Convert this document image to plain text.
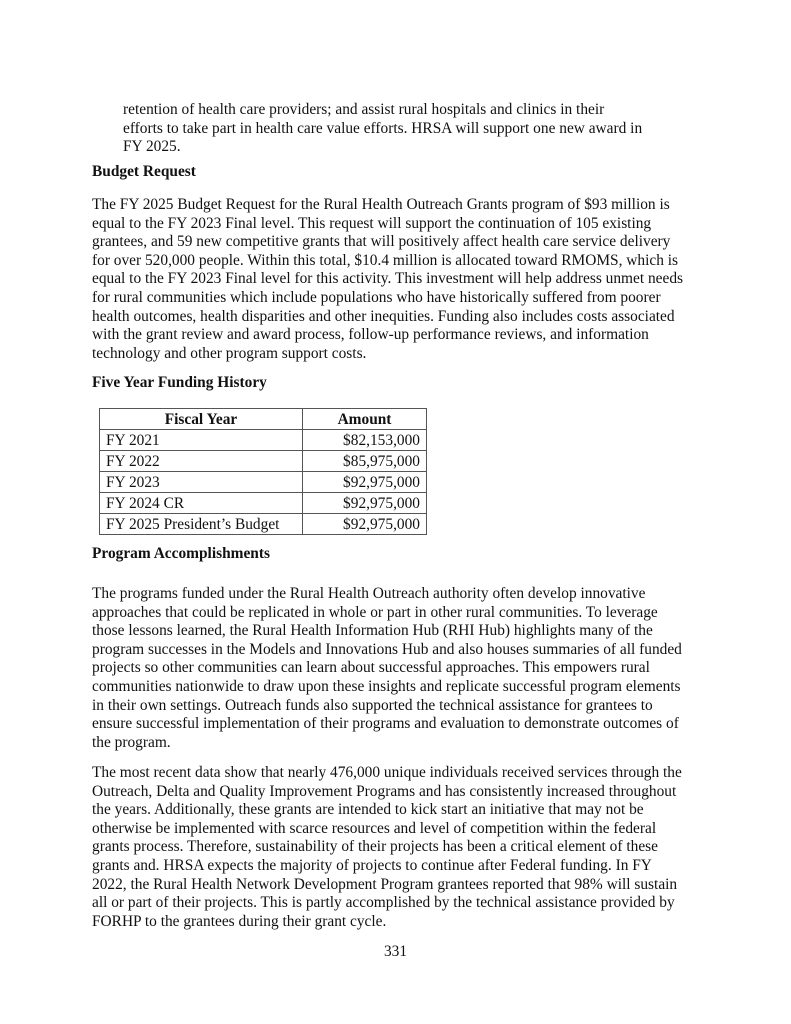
retention of health care providers; and assist rural hospitals and clinics in their
efforts to take part in health care value efforts. HRSA will support one new award in
FY 2025.

Budget Request

The FY 2025 Budget Request for the Rural Health Outreach Grants program of $93 million is
equal to the FY 2023 Final level. This request will support the continuation of 105 existing
grantees, and 59 new competitive grants that will positively affect health care service delivery
for over 520,000 people. Within this total, $10.4 million is allocated toward RMOMS, which is
equal to the FY 2023 Final level for this activity. This investment will help address unmet needs
for rural communities which include populations who have historically suffered from poorer
health outcomes, health disparities and other inequities. Funding also includes costs associated
with the grant review and award process, follow-up performance reviews, and information
technology and other program support costs.

Five Year Funding History
Fiscal Year	Amount
FY 2021	$82,153,000
FY 2022	$85,975,000
FY 2023	$92,975,000
FY 2024 CR	$92,975,000
FY 2025 President’s Budget	$92,975,000
Program Accomplishments

The programs funded under the Rural Health Outreach authority often develop innovative
approaches that could be replicated in whole or part in other rural communities. To leverage
those lessons learned, the Rural Health Information Hub (RHI Hub) highlights many of the
program successes in the Models and Innovations Hub and also houses summaries of all funded
projects so other communities can learn about successful approaches. This empowers rural
communities nationwide to draw upon these insights and replicate successful program elements
in their own settings. Outreach funds also supported the technical assistance for grantees to
ensure successful implementation of their programs and evaluation to demonstrate outcomes of
the program.

The most recent data show that nearly 476,000 unique individuals received services through the
Outreach, Delta and Quality Improvement Programs and has consistently increased throughout
the years. Additionally, these grants are intended to kick start an initiative that may not be
otherwise be implemented with scarce resources and level of competition within the federal
grants process. Therefore, sustainability of their projects has been a critical element of these
grants and. HRSA expects the majority of projects to continue after Federal funding. In FY
2022, the Rural Health Network Development Program grantees reported that 98% will sustain
all or part of their projects. This is partly accomplished by the technical assistance provided by
FORHP to the grantees during their grant cycle.

331
